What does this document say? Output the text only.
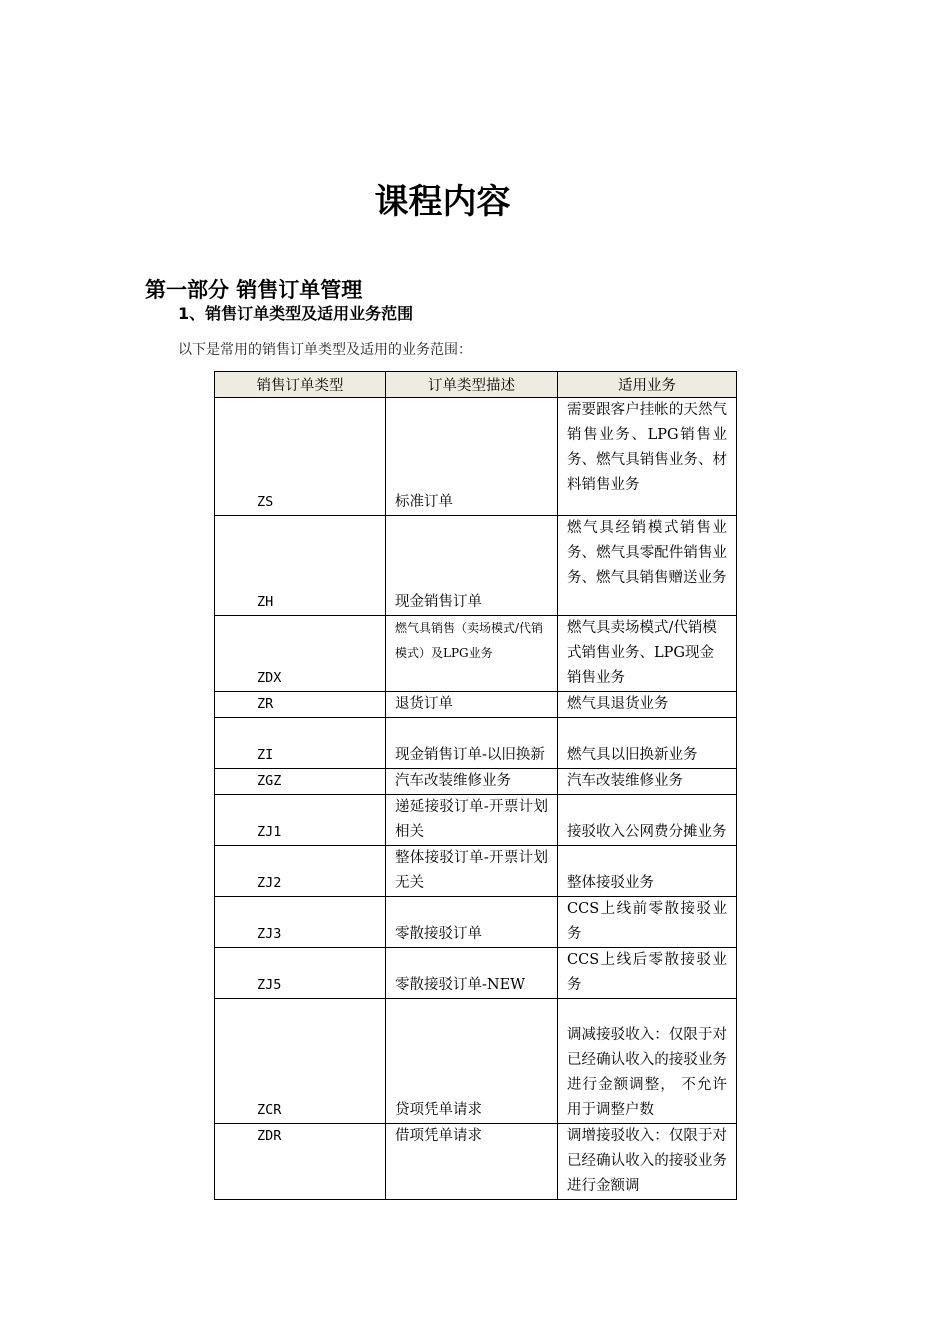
课程内容
第一部分 销售订单管理
1、销售订单类型及适用业务范围

以下是常用的销售订单类型及适用的业务范围：

销售订单类型	订单类型描述	适用业务
ZS	标准订单	需要跟客户挂帐的天然气销售业务、LPG销售业务、燃气具销售业务、材料销售业务
ZH	现金销售订单	燃气具经销模式销售业务、燃气具零配件销售业务、燃气具销售赠送业务
ZDX	燃气具销售（卖场模式/代销模式）及LPG业务	燃气具卖场模式/代销模式销售业务、LPG现金销售业务
ZR	退货订单	燃气具退货业务
ZI	现金销售订单-以旧换新	燃气具以旧换新业务
ZGZ	汽车改装维修业务	汽车改装维修业务
ZJ1	递延接驳订单-开票计划相关	接驳收入公网费分摊业务
ZJ2	整体接驳订单-开票计划无关	整体接驳业务
ZJ3	零散接驳订单	CCS上线前零散接驳业务
ZJ5	零散接驳订单-NEW	CCS上线后零散接驳业务
ZCR	贷项凭单请求	调减接驳收入：仅限于对已经确认收入的接驳业务进行金额调整， 不允许用于调整户数
ZDR	借项凭单请求	调增接驳收入：仅限于对已经确认收入的接驳业务进行金额调
